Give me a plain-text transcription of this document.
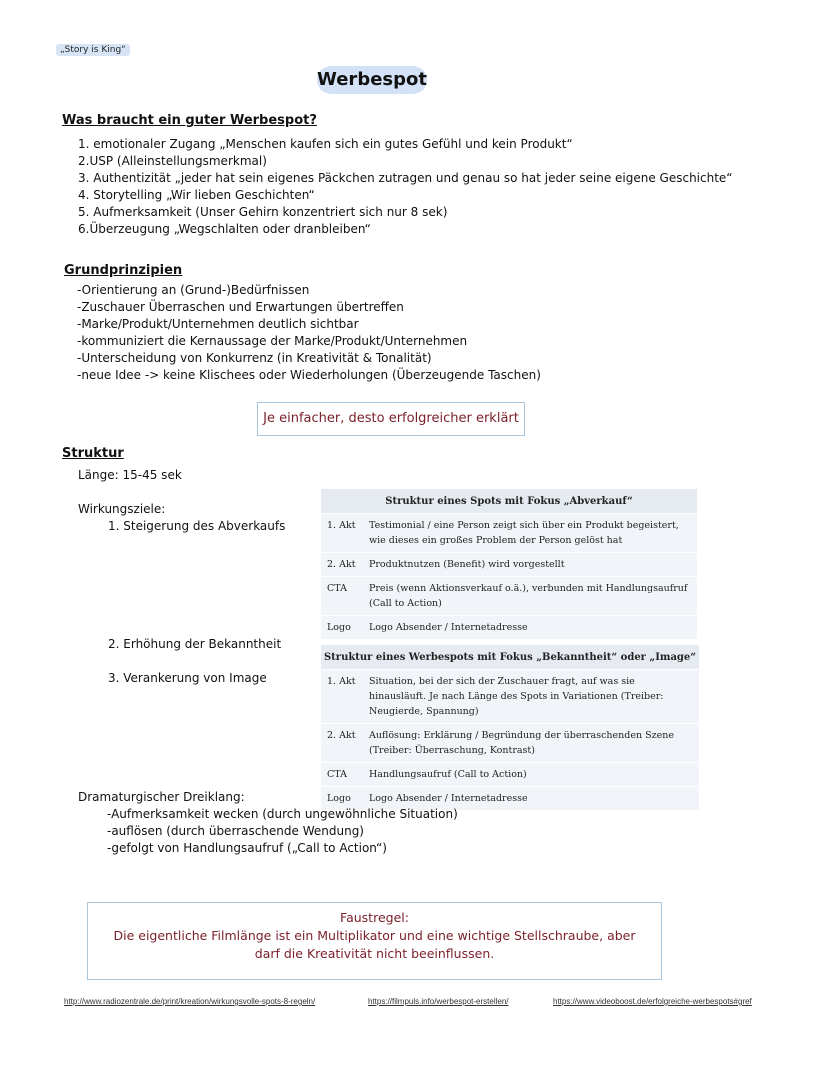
„Story is King“
Werbespot
Was braucht ein guter Werbespot?
1. emotionaler Zugang „Menschen kaufen sich ein gutes Gefühl und kein Produkt“
2.USP (Alleinstellungsmerkmal)
3. Authentizität „jeder hat sein eigenes Päckchen zutragen und genau so hat jeder seine eigene Geschichte“
4. Storytelling „Wir lieben Geschichten“
5. Aufmerksamkeit (Unser Gehirn konzentriert sich nur 8 sek)
6.Überzeugung „Wegschlalten oder dranbleiben“
Grundprinzipien
-Orientierung an (Grund-)Bedürfnissen
-Zuschauer Überraschen und Erwartungen übertreffen
-Marke/Produkt/Unternehmen deutlich sichtbar
-kommuniziert die Kernaussage der Marke/Produkt/Unternehmen
-Unterscheidung von Konkurrenz (in Kreativität & Tonalität)
-neue Idee -> keine Klischees oder Wiederholungen (Überzeugende Taschen)
Je einfacher, desto erfolgreicher erklärt
Struktur
Länge: 15-45 sek
Wirkungsziele:
1. Steigerung des Abverkaufs
2. Erhöhung der Bekanntheit
3. Verankerung von Image
Struktur eines Spots mit Fokus „Abverkauf“	
1. Akt	Testimonial / eine Person zeigt sich über ein Produkt begeistert, wie dieses ein großes Problem der Person gelöst hat
2. Akt	Produktnutzen (Benefit) wird vorgestellt
CTA	Preis (wenn Aktionsverkauf o.ä.), verbunden mit Handlungsaufruf (Call to Action)
Logo	Logo Absender / Internetadresse
Struktur eines Werbespots mit Fokus „Bekanntheit“ oder „Image“	
1. Akt	Situation, bei der sich der Zuschauer fragt, auf was sie hinausläuft. Je nach Länge des Spots in Variationen (Treiber: Neugierde, Spannung)
2. Akt	Auflösung: Erklärung / Begründung der überraschenden Szene (Treiber: Überraschung, Kontrast)
CTA	Handlungsaufruf (Call to Action)
Logo	Logo Absender / Internetadresse
Dramaturgischer Dreiklang:
-Aufmerksamkeit wecken (durch ungewöhnliche Situation)
-auflösen (durch überraschende Wendung)
-gefolgt von Handlungsaufruf („Call to Action“)
Faustregel:
Die eigentliche Filmlänge ist ein Multiplikator und eine wichtige Stellschraube, aber
darf die Kreativität nicht beeinflussen.
http://www.radiozentrale.de/print/kreation/wirkungsvolle-spots-8-regeln/	https://filmpuls.info/werbespot-erstellen/	https://www.videoboost.de/erfolgreiche-werbespots#gref
